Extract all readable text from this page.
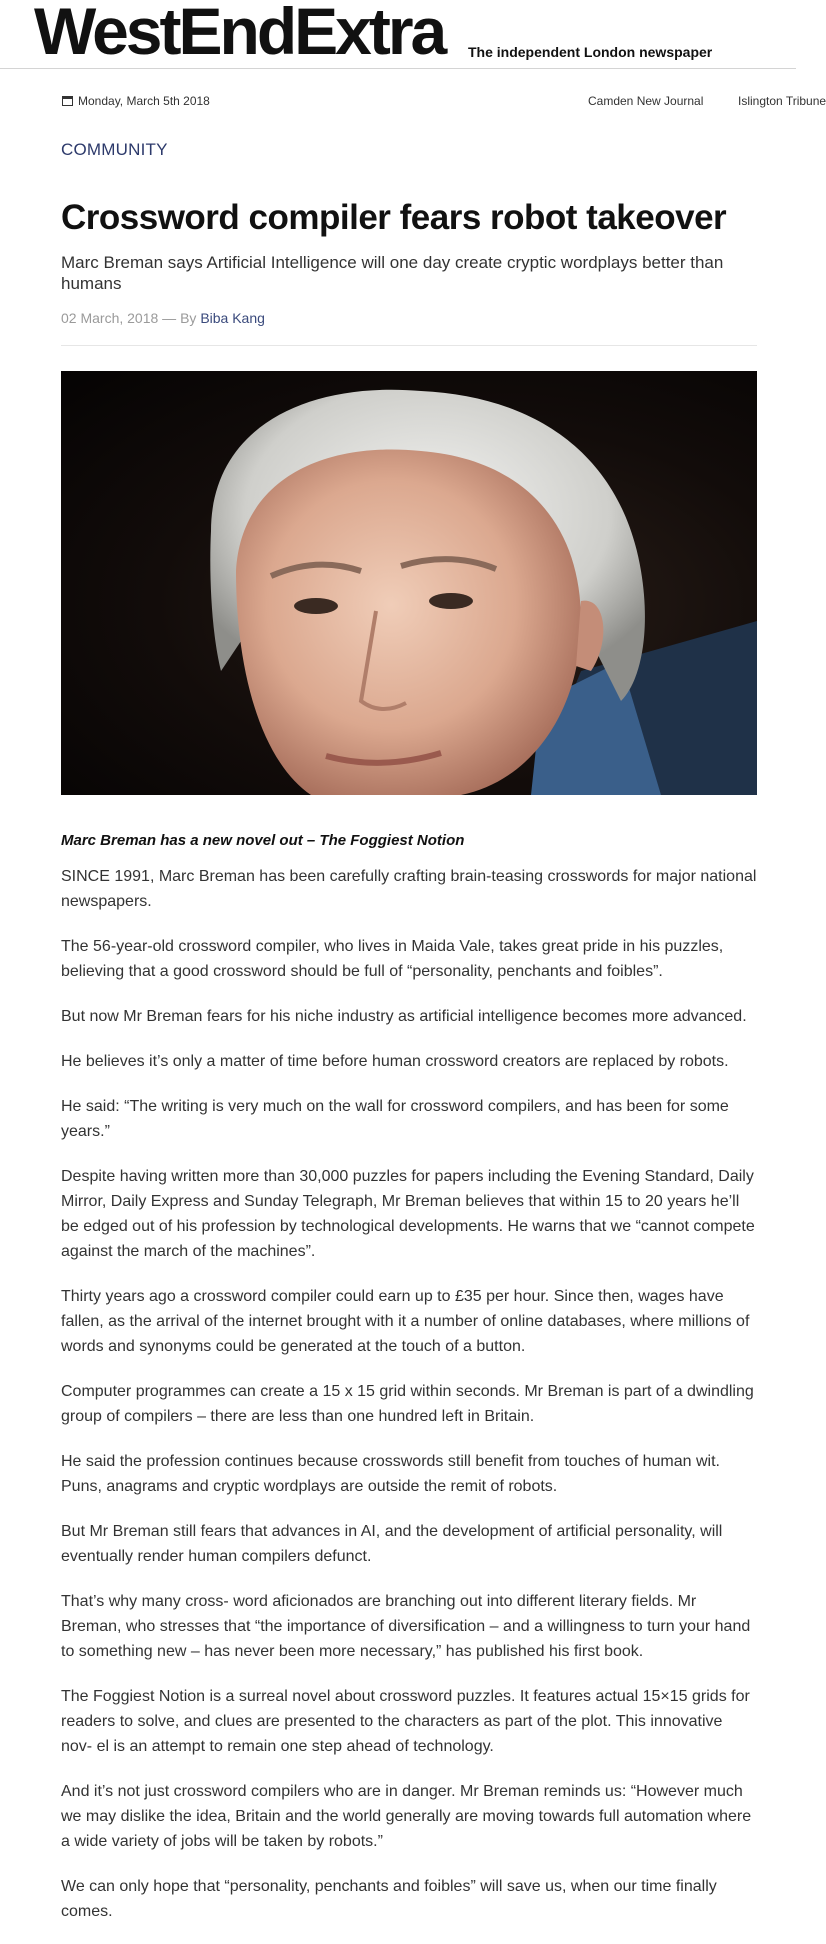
WestEndExtra The independent London newspaper
Monday, March 5th 2018	Camden New Journal	Islington Tribune

COMMUNITY

Crossword compiler fears robot takeover

Marc Breman says Artificial Intelligence will one day create cryptic wordplays better than humans

02 March, 2018 — By Biba Kang

Marc Breman has a new novel out – The Foggiest Notion

SINCE 1991, Marc Breman has been carefully crafting brain-teasing crosswords for major national newspapers.

The 56-year-old crossword compiler, who lives in Maida Vale, takes great pride in his puzzles, believing that a good crossword should be full of “personality, penchants and foibles”.

But now Mr Breman fears for his niche industry as artificial intelligence becomes more advanced.

He believes it’s only a matter of time before human crossword creators are replaced by robots.

He said: “The writing is very much on the wall for crossword compilers, and has been for some years.”

Despite having written more than 30,000 puzzles for papers including the Evening Standard, Daily Mirror, Daily Express and Sunday Telegraph, Mr Breman believes that within 15 to 20 years he’ll be edged out of his profession by technological developments. He warns that we “cannot compete against the march of the machines”.

Thirty years ago a crossword compiler could earn up to £35 per hour. Since then, wages have fallen, as the arrival of the internet brought with it a number of online databases, where millions of words and synonyms could be generated at the touch of a button.

Computer programmes can create a 15 x 15 grid within seconds. Mr Breman is part of a dwindling group of compilers – there are less than one hundred left in Britain.

He said the profession continues because crosswords still benefit from touches of human wit. Puns, anagrams and cryptic wordplays are outside the remit of robots.

But Mr Breman still fears that advances in AI, and the development of artificial personality, will eventually render human compilers defunct.

That’s why many cross- word aficionados are branching out into different literary fields. Mr Breman, who stresses that “the importance of diversification – and a willingness to turn your hand to something new – has never been more necessary,” has published his first book.

The Foggiest Notion is a surreal novel about crossword puzzles. It features actual 15×15 grids for readers to solve, and clues are presented to the characters as part of the plot. This innovative nov- el is an attempt to remain one step ahead of technology.

And it’s not just crossword compilers who are in danger. Mr Breman reminds us: “However much we may dislike the idea, Britain and the world generally are moving towards full automation where a wide variety of jobs will be taken by robots.”

We can only hope that “personality, penchants and foibles” will save us, when our time finally comes.
